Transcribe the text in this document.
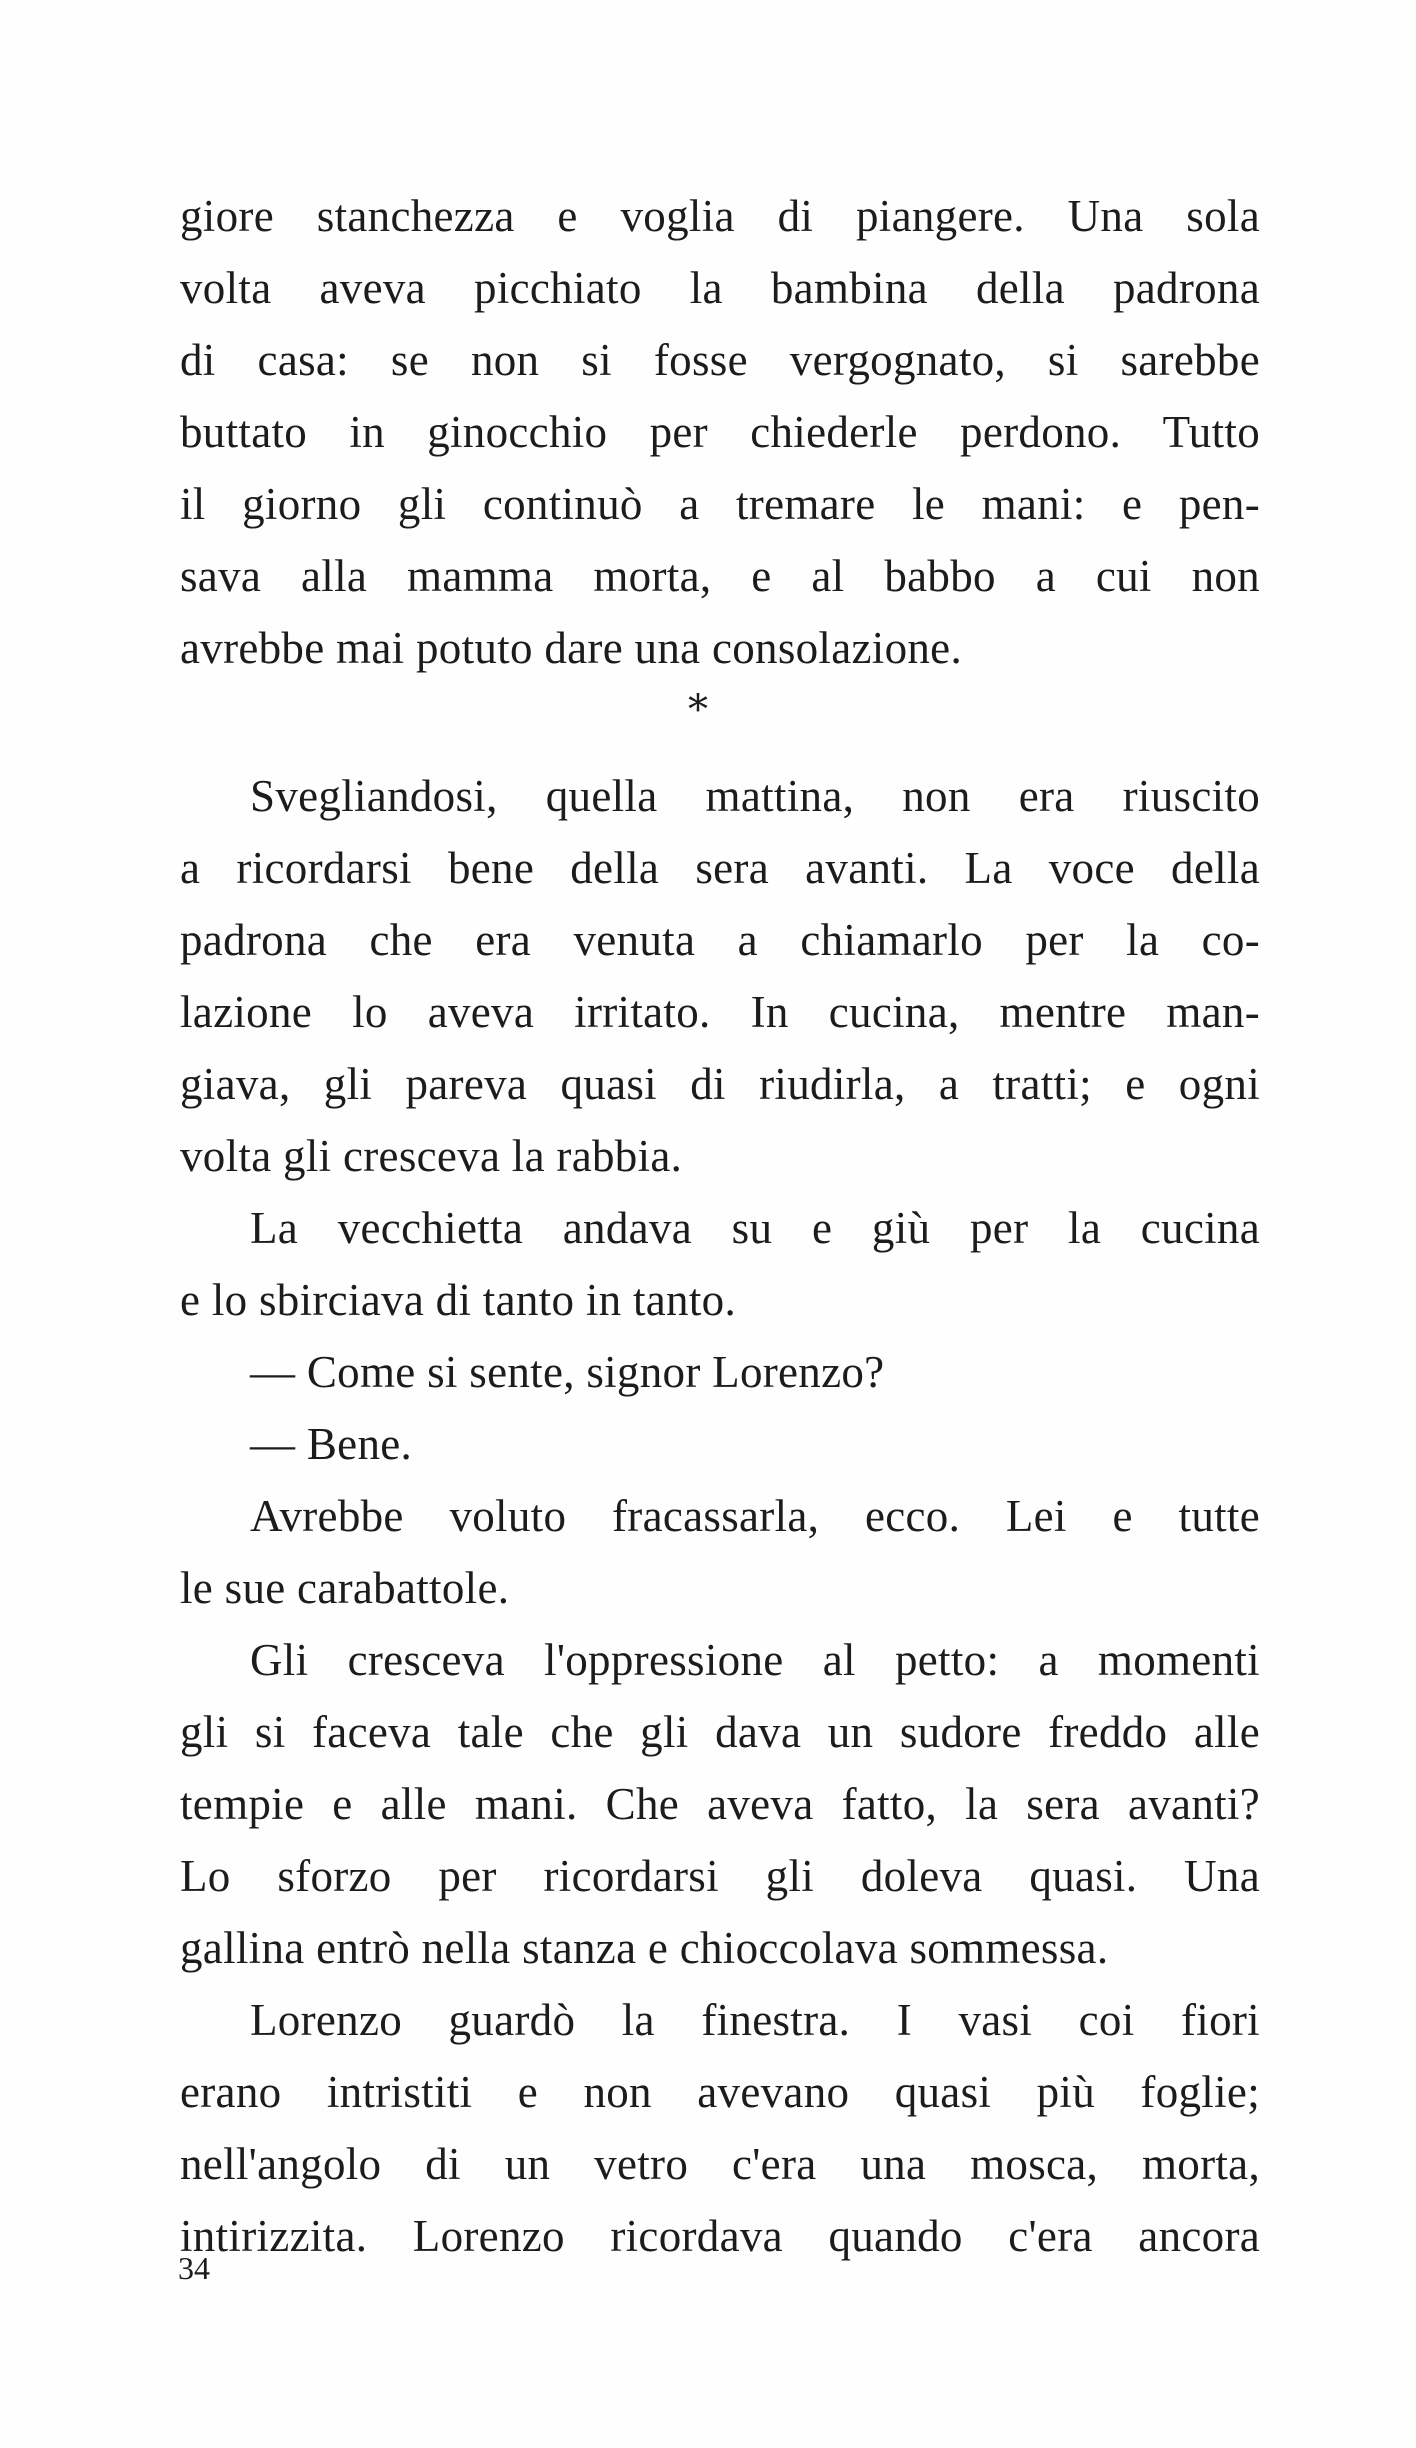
giore stanchezza e voglia di piangere. Una sola
volta aveva picchiato la bambina della padrona
di casa: se non si fosse vergognato, si sarebbe
buttato in ginocchio per chiederle perdono. Tutto
il giorno gli continuò a tremare le mani: e pen-
sava alla mamma morta, e al babbo a cui non
avrebbe mai potuto dare una consolazione.
*
Svegliandosi, quella mattina, non era riuscito
a ricordarsi bene della sera avanti. La voce della
padrona che era venuta a chiamarlo per la co-
lazione lo aveva irritato. In cucina, mentre man-
giava, gli pareva quasi di riudirla, a tratti; e ogni
volta gli cresceva la rabbia.
La vecchietta andava su e giù per la cucina
e lo sbirciava di tanto in tanto.
— Come si sente, signor Lorenzo?
— Bene.
Avrebbe voluto fracassarla, ecco. Lei e tutte
le sue carabattole.
Gli cresceva l'oppressione al petto: a momenti
gli si faceva tale che gli dava un sudore freddo alle
tempie e alle mani. Che aveva fatto, la sera avanti?
Lo sforzo per ricordarsi gli doleva quasi. Una
gallina entrò nella stanza e chioccolava sommessa.
Lorenzo guardò la finestra. I vasi coi fiori
erano intristiti e non avevano quasi più foglie;
nell'angolo di un vetro c'era una mosca, morta,
intirizzita. Lorenzo ricordava quando c'era ancora
34
